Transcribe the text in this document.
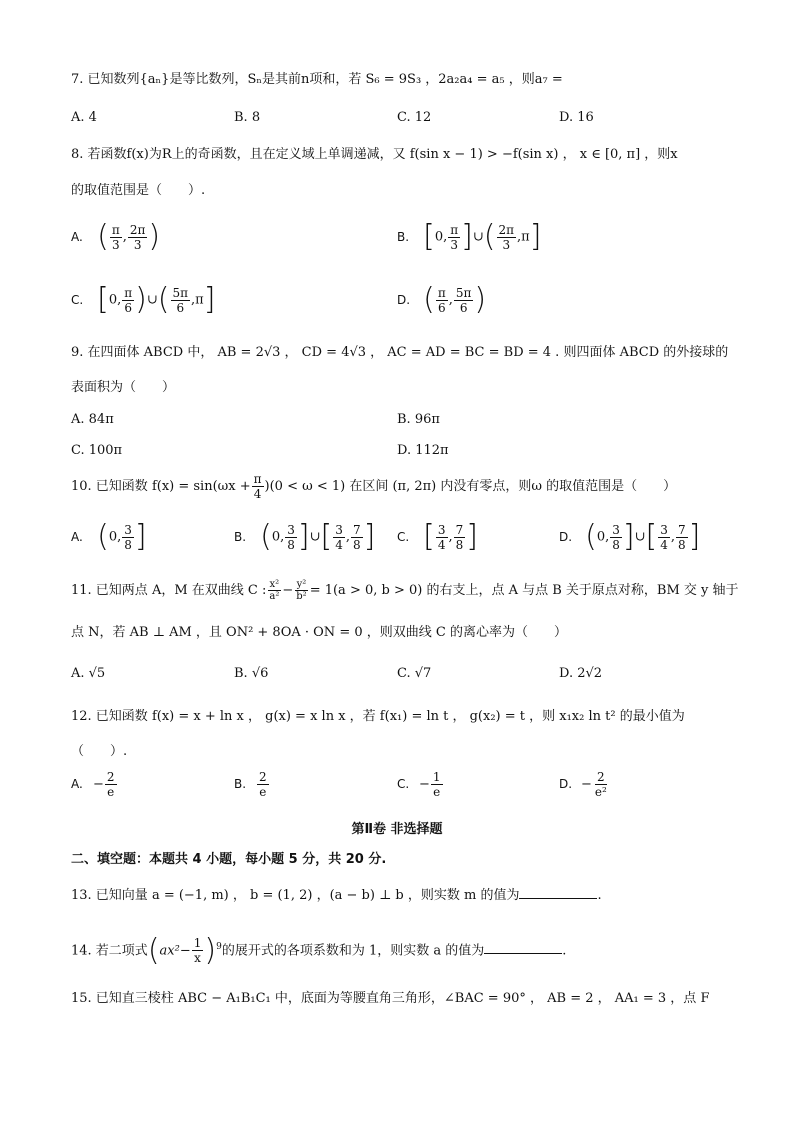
7. 已知数列{aₙ}是等比数列，Sₙ是其前n项和，若 S₆ = 9S₃ ，2a₂a₄ = a₅ ，则a₇ =
A. 4	B. 8	C. 12	D. 16
8. 若函数f(x)为R上的奇函数，且在定义域上单调递减，又 f(sin x − 1) > −f(sin x) ， x ∈ [0, π] ，则x
的取值范围是（　　）.
A. ( $\frac{\pi}{3}$ , $\frac{2\pi}{3}$ )	B. [0, $\frac{\pi}{3}$ ]∪( $\frac{2\pi}{3} ,\pi$]
C. [0, $\frac{\pi}{6}$ )∪( $\frac{5\pi}{6} ,\pi$]	D. ( $\frac{\pi}{6}$ , $\frac{5\pi}{6}$ )
9. 在四面体 ABCD 中， AB = 2√3 ， CD = 4√3 ， AC = AD = BC = BD = 4 . 则四面体 ABCD 的外接球的
表面积为（　　）
A. 84π	B. 96π
C. 100π	D. 112π
10. 已知函数 $f(x) = \sin(\omega x + \frac{\pi}{4} )(0 < \omega < 1)$ 在区间 (π, 2π) 内没有零点，则ω 的取值范围是（　　）
A. (0, $\frac{3}{8}$ ]	B. (0, $\frac{3}{8}$ ]∪[ $\frac{3}{4}$ , $\frac{7}{8}$ ] C. [ $\frac{3}{4}$ , $\frac{7}{8}$ ]	D. (0, $\frac{3}{8}$ ]∪[ $\frac{3}{4}$ , $\frac{7}{8}$ ]
11. 已知两点 A，M 在双曲线 C : $\frac{\text{x²}}{\text{a²}} - \frac{\text{y²}}{\text{b²}} = 1(a > 0$, b > 0) 的右支上，点 A 与点 B 关于原点对称，BM 交 y 轴于
点 N，若 AB ⊥ AM ，且 ON² + 8OA · ON = 0 ，则双曲线 C 的离心率为（　　）
A. √5	B. √6	C. √7	D. 2√2
12. 已知函数 f(x) = x + ln x ， g(x) = x ln x ，若 f(x₁) = ln t ， g(x₂) = t ，则 x₁x₂ ln t² 的最小值为
（　　）.
A. − $\frac{2}{e}$	B. $\frac{2}{e}$	C. − $\frac{1}{e}$	D. − $\frac{2}{\text{e²}}$
第Ⅱ卷 非选择题
二、填空题：本题共 4 小题，每小题 5 分，共 20 分.
13. 已知向量 a = (−1, m) ， b = (1, 2) ，(a − b) ⊥ b ，则实数 m 的值为	.
14. 若二项式$(ax^2- \frac{1}{x} )^9$的展开式的各项系数和为 1，则实数 a 的值为	.
15. 已知直三棱柱 ABC − A₁B₁C₁ 中，底面为等腰直角三角形，∠BAC = 90° ， AB = 2 ， AA₁ = 3 ，点 F
